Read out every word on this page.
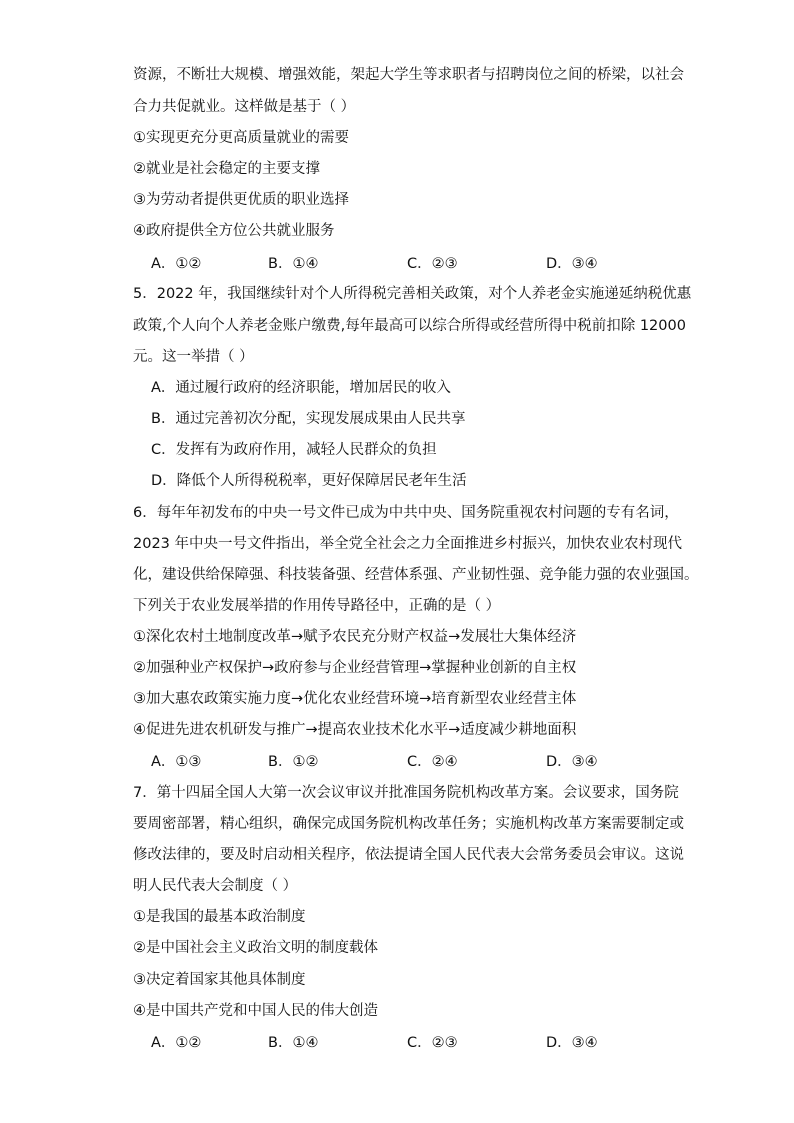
资源，不断壮大规模、增强效能，架起大学生等求职者与招聘岗位之间的桥梁，以社会
合力共促就业。这样做是基于（ ）
①实现更充分更高质量就业的需要
②就业是社会稳定的主要支撑
③为劳动者提供更优质的职业选择
④政府提供全方位公共就业服务
A．①②	B．①④	C．②③	D．③④
5．2022 年，我国继续针对个人所得税完善相关政策，对个人养老金实施递延纳税优惠
政策,个人向个人养老金账户缴费,每年最高可以综合所得或经营所得中税前扣除 12000
元。这一举措（ ）
A．通过履行政府的经济职能，增加居民的收入
B．通过完善初次分配，实现发展成果由人民共享
C．发挥有为政府作用，减轻人民群众的负担
D．降低个人所得税税率，更好保障居民老年生活
6．每年年初发布的中央一号文件已成为中共中央、国务院重视农村问题的专有名词，
2023 年中央一号文件指出，举全党全社会之力全面推进乡村振兴，加快农业农村现代
化，建设供给保障强、科技装备强、经营体系强、产业韧性强、竞争能力强的农业强国。
下列关于农业发展举措的作用传导路径中，正确的是（ ）
①深化农村土地制度改革→赋予农民充分财产权益→发展壮大集体经济
②加强种业产权保护→政府参与企业经营管理→掌握种业创新的自主权
③加大惠农政策实施力度→优化农业经营环境→培育新型农业经营主体
④促进先进农机研发与推广→提高农业技术化水平→适度减少耕地面积
A．①③	B．①②	C．②④	D．③④
7．第十四届全国人大第一次会议审议并批准国务院机构改革方案。会议要求，国务院
要周密部署，精心组织，确保完成国务院机构改革任务；实施机构改革方案需要制定或
修改法律的，要及时启动相关程序，依法提请全国人民代表大会常务委员会审议。这说
明人民代表大会制度（ ）
①是我国的最基本政治制度
②是中国社会主义政治文明的制度载体
③决定着国家其他具体制度
④是中国共产党和中国人民的伟大创造
A．①②	B．①④	C．②③	D．③④
